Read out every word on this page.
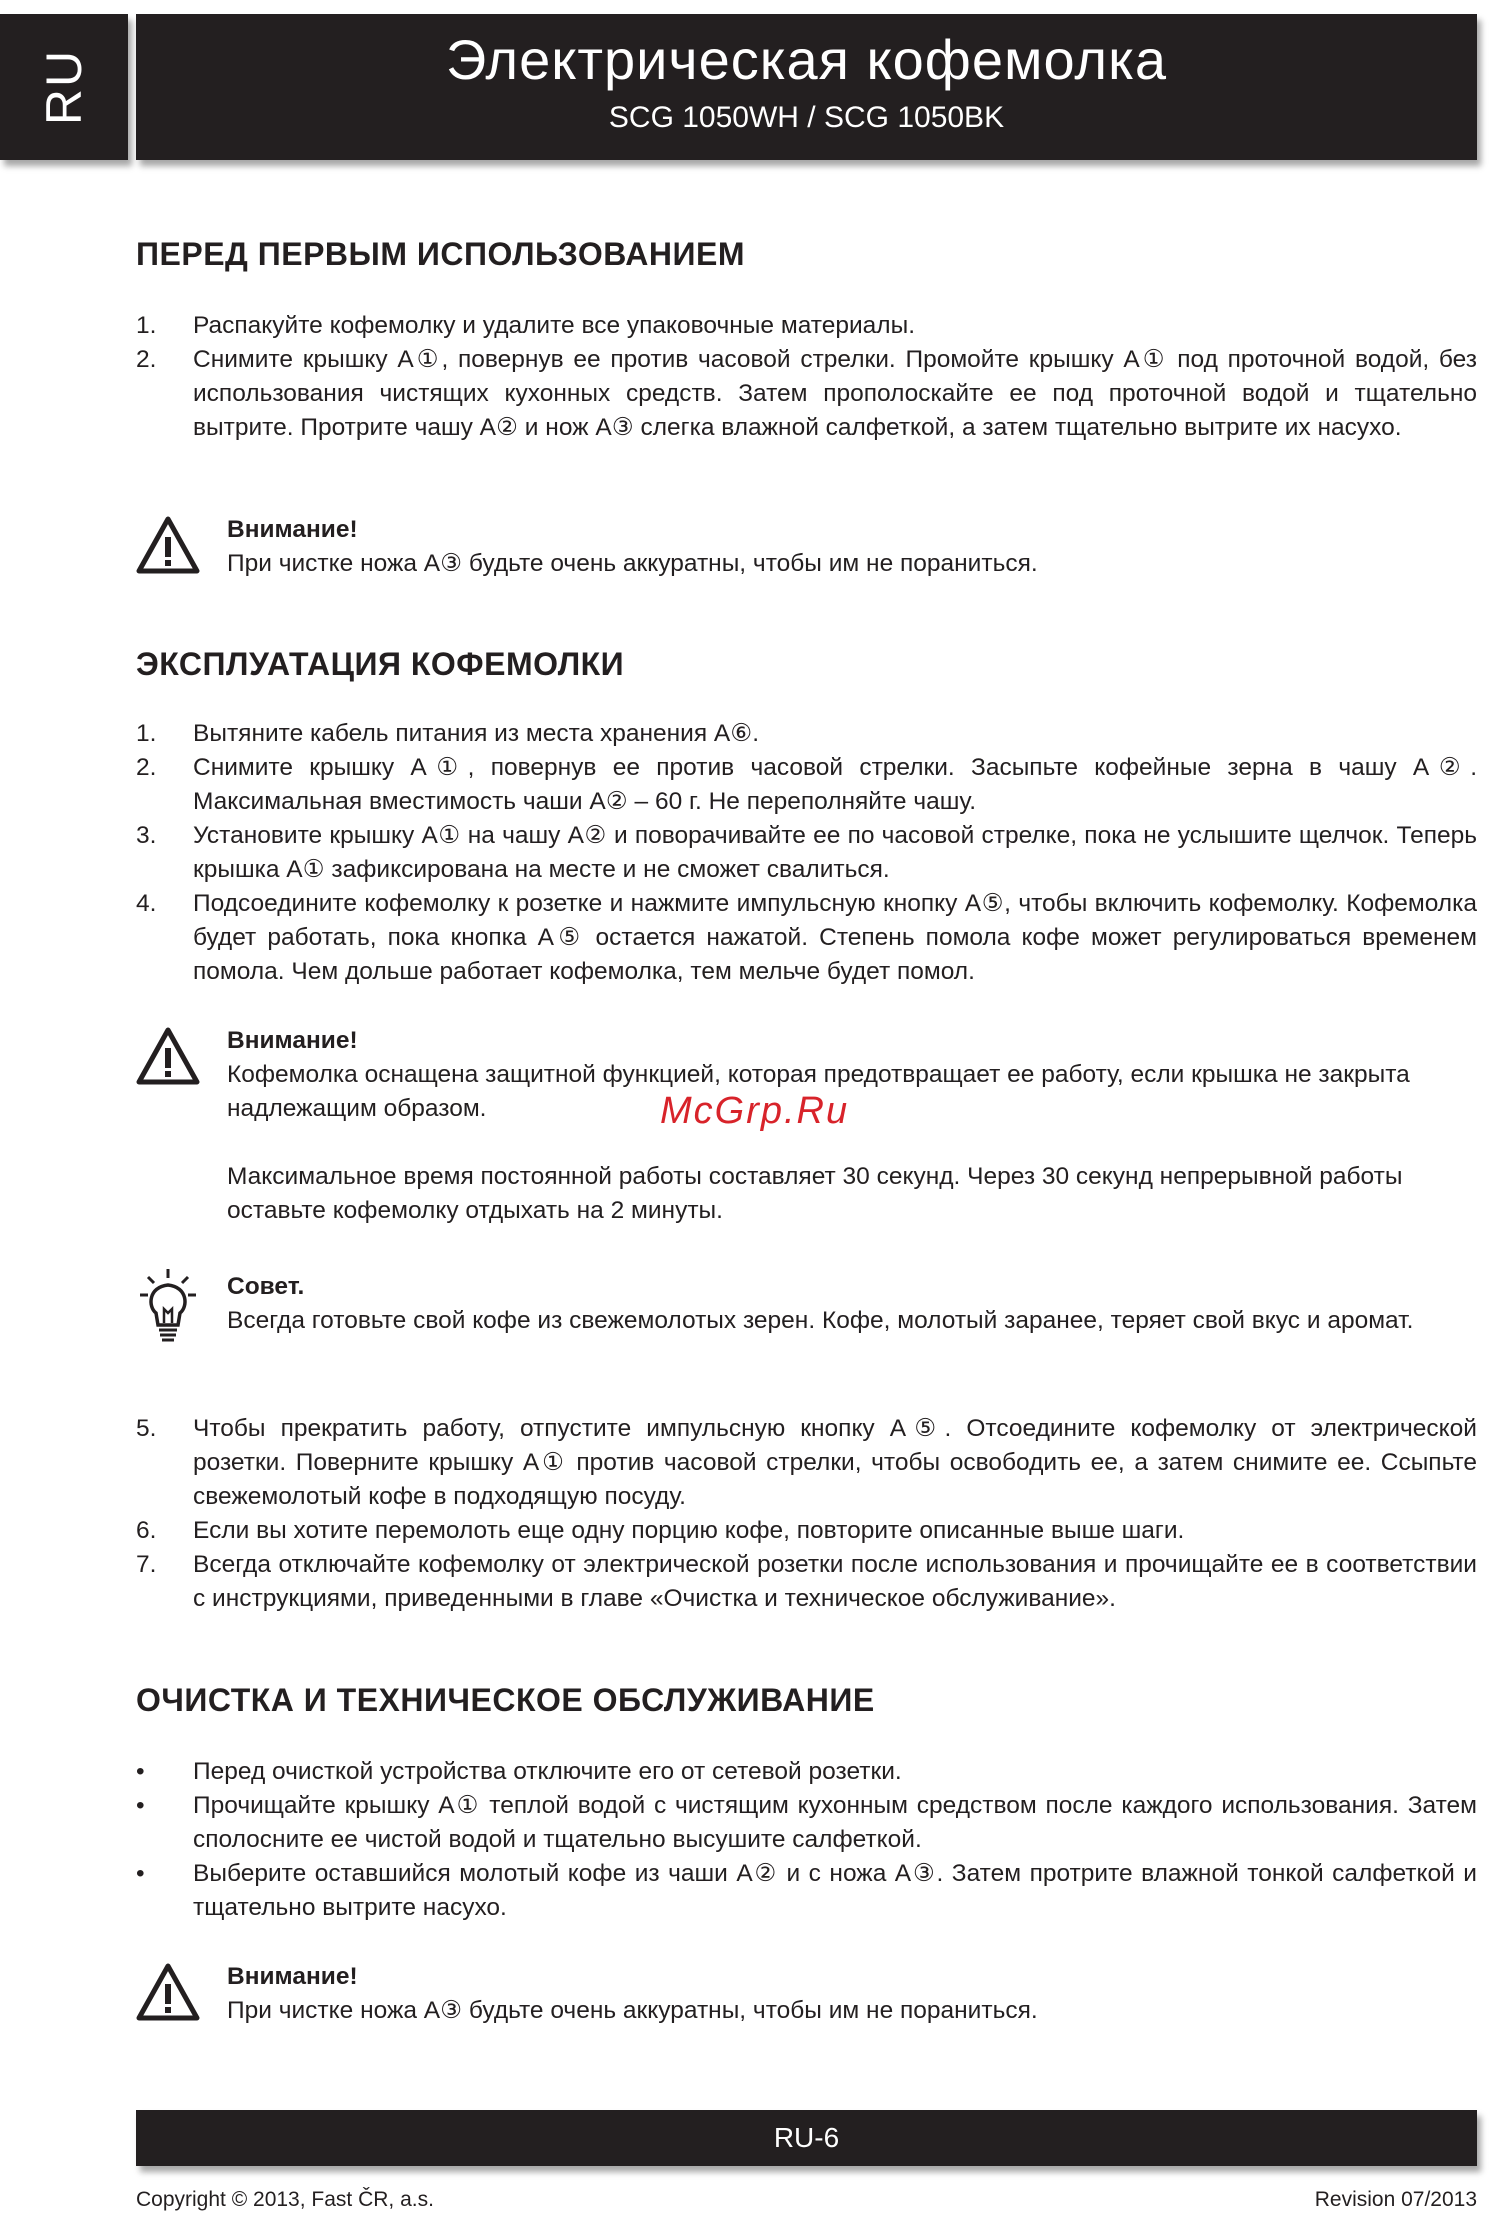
RU	Электрическая кофемолка
SCG 1050WH / SCG 1050BK
ПЕРЕД ПЕРВЫМ ИСПОЛЬЗОВАНИЕМ
1. Распакуйте кофемолку и удалите все упаковочные материалы.
2. Снимите крышку A①, повернув ее против часовой стрелки. Промойте крышку A① под проточной водой, без использования чистящих кухонных средств. Затем прополоскайте ее под проточной водой и тщательно вытрите. Протрите чашу A② и нож A③ слегка влажной салфеткой, а затем тщательно вытрите их насухо.
Внимание!
При чистке ножа A③ будьте очень аккуратны, чтобы им не пораниться.
ЭКСПЛУАТАЦИЯ КОФЕМОЛКИ
1. Вытяните кабель питания из места хранения A⑥.
2. Снимите крышку A①, повернув ее против часовой стрелки. Засыпьте кофейные зерна в чашу A②. Максимальная вместимость чаши A② – 60 г. Не переполняйте чашу.
3. Установите крышку A① на чашу A② и поворачивайте ее по часовой стрелке, пока не услышите щелчок. Теперь крышка A① зафиксирована на месте и не сможет свалиться.
4. Подсоедините кофемолку к розетке и нажмите импульсную кнопку A⑤, чтобы включить кофемолку. Кофемолка будет работать, пока кнопка A⑤ остается нажатой. Степень помола кофе может регулироваться временем помола. Чем дольше работает кофемолка, тем мельче будет помол.
Внимание!
Кофемолка оснащена защитной функцией, которая предотвращает ее работу, если крышка не закрыта надлежащим образом.
Максимальное время постоянной работы составляет 30 секунд. Через 30 секунд непрерывной работы оставьте кофемолку отдыхать на 2 минуты.
Совет.
Всегда готовьте свой кофе из свежемолотых зерен. Кофе, молотый заранее, теряет свой вкус и аромат.
5. Чтобы прекратить работу, отпустите импульсную кнопку A⑤. Отсоедините кофемолку от электрической розетки. Поверните крышку A① против часовой стрелки, чтобы освободить ее, а затем снимите ее. Ссыпьте свежемолотый кофе в подходящую посуду.
6. Если вы хотите перемолоть еще одну порцию кофе, повторите описанные выше шаги.
7. Всегда отключайте кофемолку от электрической розетки после использования и прочищайте ее в соответствии с инструкциями, приведенными в главе «Очистка и техническое обслуживание».
ОЧИСТКА И ТЕХНИЧЕСКОЕ ОБСЛУЖИВАНИЕ
• Перед очисткой устройства отключите его от сетевой розетки.
• Прочищайте крышку A① теплой водой с чистящим кухонным средством после каждого использования. Затем сполосните ее чистой водой и тщательно высушите салфеткой.
• Выберите оставшийся молотый кофе из чаши A② и с ножа A③. Затем протрите влажной тонкой салфеткой и тщательно вытрите насухо.
Внимание!
При чистке ножа A③ будьте очень аккуратны, чтобы им не пораниться.
McGrp.Ru
RU-6
Copyright © 2013, Fast ČR, a.s.	Revision 07/2013
